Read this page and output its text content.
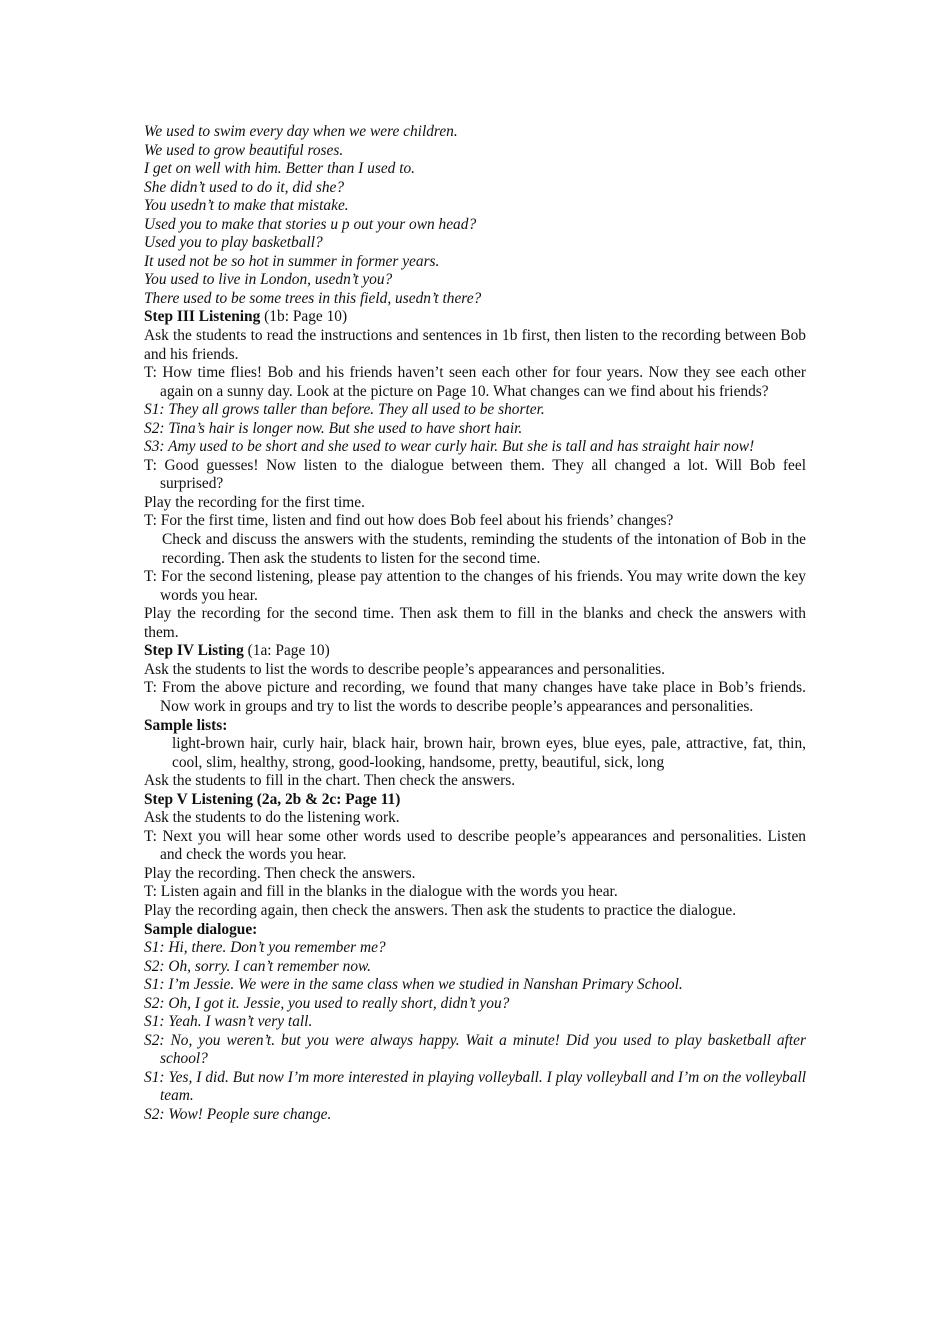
We used to swim every day when we were children.

We used to grow beautiful roses.

I get on well with him. Better than I used to.

She didn’t used to do it, did she?

You usedn’t to make that mistake.

Used you to make that stories u p out your own head?

Used you to play basketball?

It used not be so hot in summer in former years.

You used to live in London, usedn’t you?

There used to be some trees in this field, usedn’t there?

Step III Listening (1b: Page 10)

Ask the students to read the instructions and sentences in 1b first, then listen to the recording between Bob and his friends.

T: How time flies! Bob and his friends haven’t seen each other for four years. Now they see each other again on a sunny day. Look at the picture on Page 10. What changes can we find about his friends?

S1: They all grows taller than before. They all used to be shorter.

S2: Tina’s hair is longer now. But she used to have short hair.

S3: Amy used to be short and she used to wear curly hair. But she is tall and has straight hair now!

T: Good guesses! Now listen to the dialogue between them. They all changed a lot. Will Bob feel surprised?

Play the recording for the first time.

T: For the first time, listen and find out how does Bob feel about his friends’ changes?

Check and discuss the answers with the students, reminding the students of the intonation of Bob in the recording. Then ask the students to listen for the second time.

T: For the second listening, please pay attention to the changes of his friends. You may write down the key words you hear.

Play the recording for the second time. Then ask them to fill in the blanks and check the answers with them.

Step IV Listing (1a: Page 10)

Ask the students to list the words to describe people’s appearances and personalities.

T: From the above picture and recording, we found that many changes have take place in Bob’s friends. Now work in groups and try to list the words to describe people’s appearances and personalities.

Sample lists:

light-brown hair, curly hair, black hair, brown hair, brown eyes, blue eyes, pale, attractive, fat, thin, cool, slim, healthy, strong, good-looking, handsome, pretty, beautiful, sick, long

Ask the students to fill in the chart. Then check the answers.

Step V Listening (2a, 2b & 2c: Page 11)

Ask the students to do the listening work.

T: Next you will hear some other words used to describe people’s appearances and personalities. Listen and check the words you hear.

Play the recording. Then check the answers.

T: Listen again and fill in the blanks in the dialogue with the words you hear.

Play the recording again, then check the answers. Then ask the students to practice the dialogue.

Sample dialogue:

S1: Hi, there. Don’t you remember me?

S2: Oh, sorry. I can’t remember now.

S1: I’m Jessie. We were in the same class when we studied in Nanshan Primary School.

S2: Oh, I got it. Jessie, you used to really short, didn’t you?

S1: Yeah. I wasn’t very tall.

S2: No, you weren’t. but you were always happy. Wait a minute! Did you used to play basketball after school?

S1: Yes, I did. But now I’m more interested in playing volleyball. I play volleyball and I’m on the volleyball team.

S2: Wow! People sure change.
